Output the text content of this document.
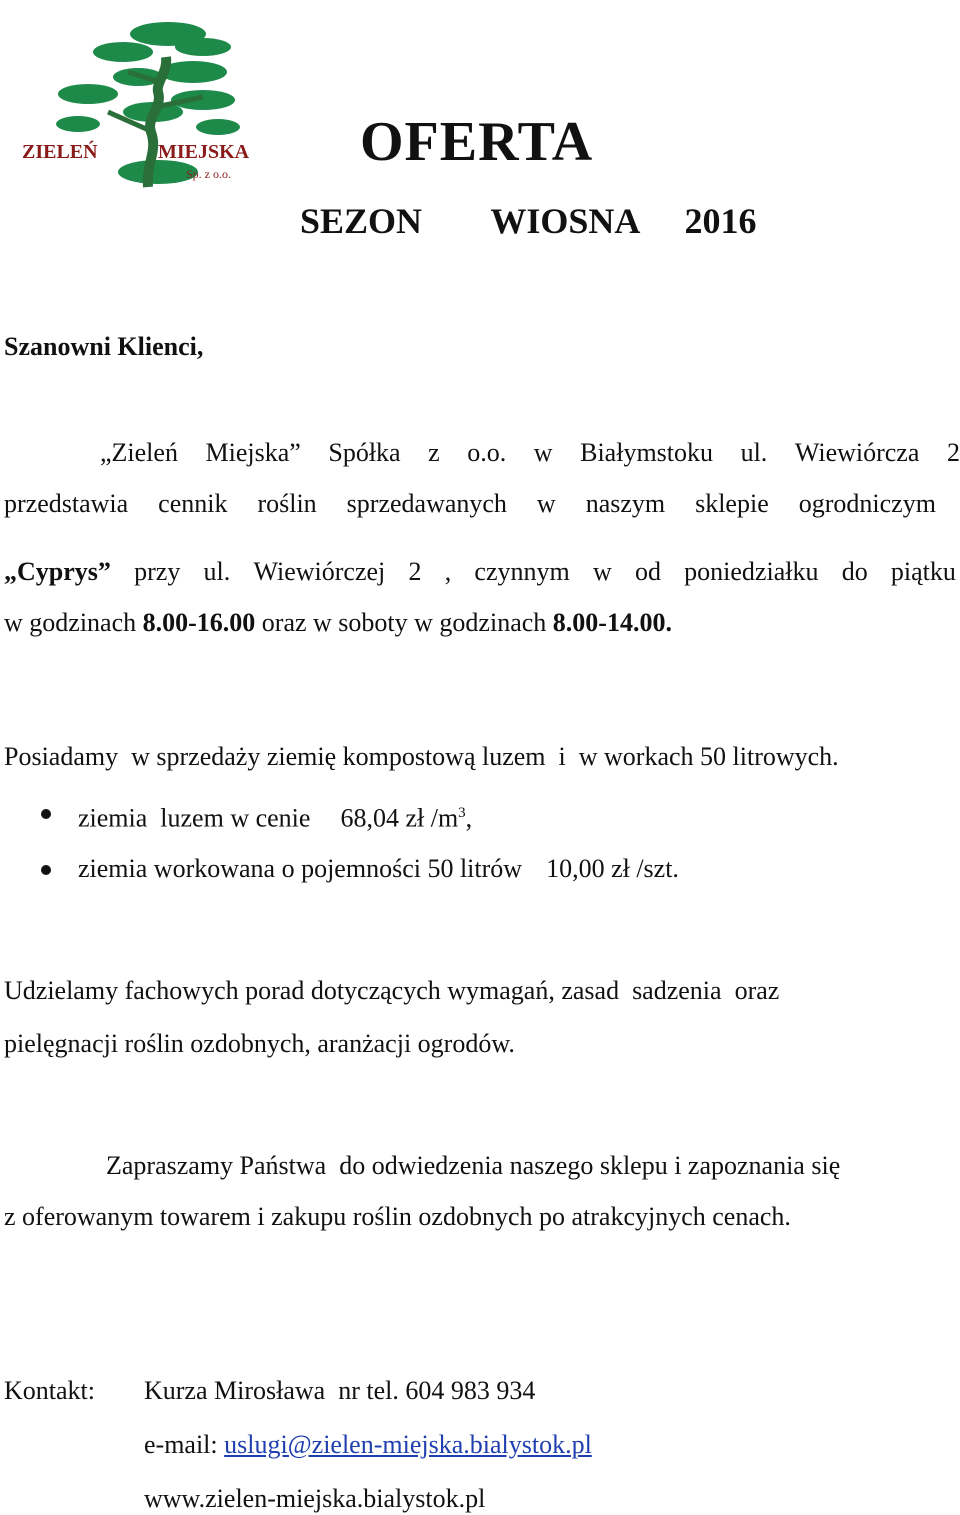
ZIELEŃ	MIEJSKA
Sp. z o.o.
OFERTA
SEZON   WIOSNA  2016
Szanowni Klienci,
„Zieleń Miejska” Spółka z o.o. w Białymstoku ul. Wiewiórcza 2
przedstawia cennik roślin sprzedawanych w naszym sklepie ogrodniczym
„Cyprys” przy ul. Wiewiórczej 2 , czynnym w od poniedziałku do piątku
w godzinach 8.00-16.00 oraz w soboty w godzinach 8.00-14.00.
Posiadamy  w sprzedaży ziemię kompostową luzem  i  w workach 50 litrowych.
ziemia  luzem w cenie 68,04 zł $/m^3$,
ziemia workowana o pojemności 50 litrów 10,00 zł /szt.
Udzielamy fachowych porad dotyczących wymagań, zasad  sadzenia  oraz
pielęgnacji roślin ozdobnych, aranżacji ogrodów.
Zapraszamy Państwa  do odwiedzenia naszego sklepu i zapoznania się
z oferowanym towarem i zakupu roślin ozdobnych po atrakcyjnych cenach.
Kontakt: Kurza Mirosława  nr tel. 604 983 934
e-mail: uslugi@zielen-miejska.bialystok.pl
www.zielen-miejska.bialystok.pl
